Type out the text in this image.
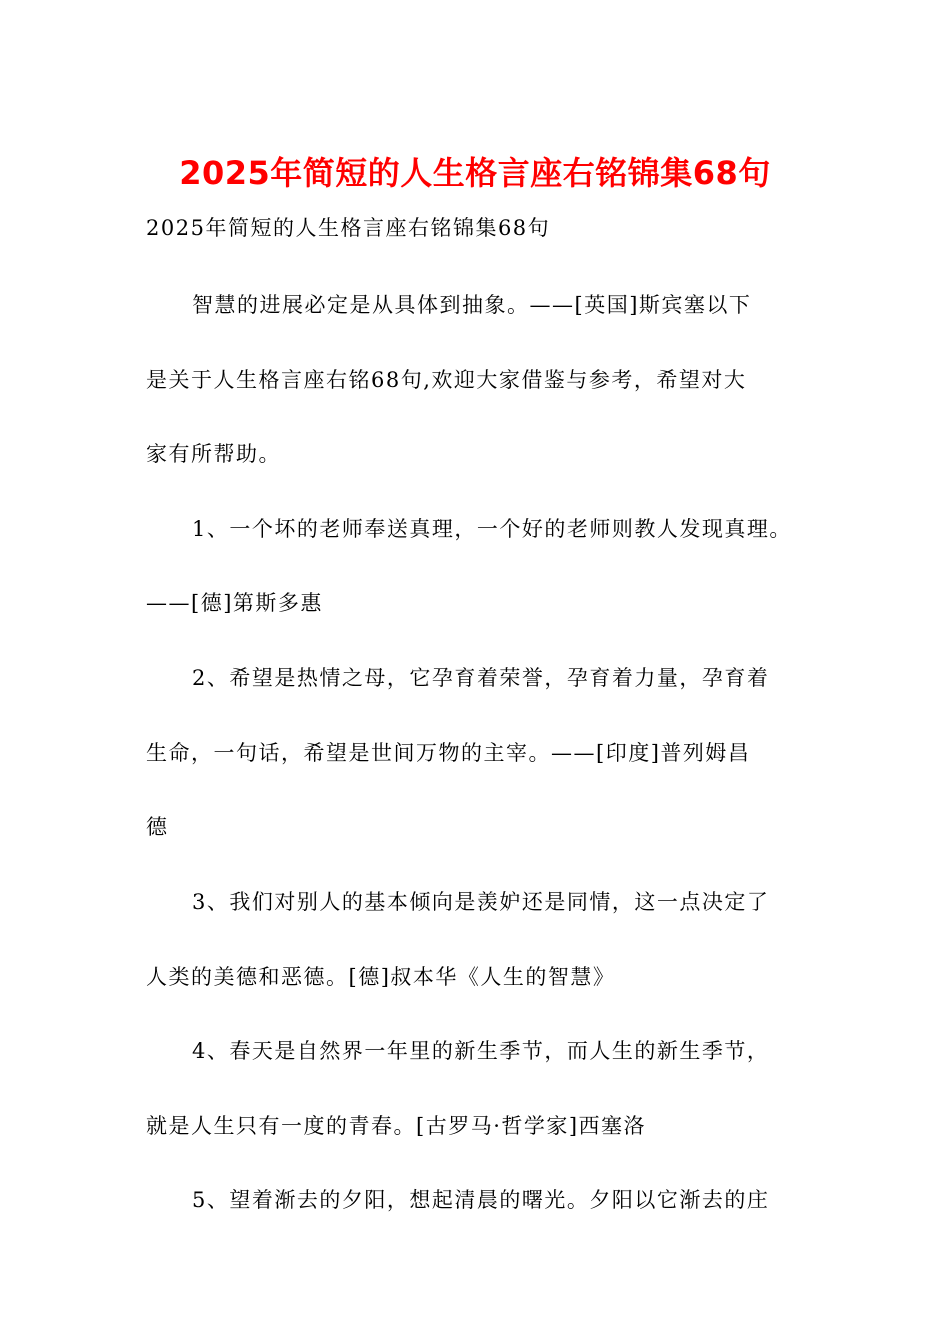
2025年简短的人生格言座右铭锦集68句
2025年简短的人生格言座右铭锦集68句
智慧的进展必定是从具体到抽象。——[英国]斯宾塞以下
是关于人生格言座右铭68句,欢迎大家借鉴与参考，希望对大
家有所帮助。
1、一个坏的老师奉送真理，一个好的老师则教人发现真理。
——[德]第斯多惠
2、希望是热情之母，它孕育着荣誉，孕育着力量，孕育着
生命，一句话，希望是世间万物的主宰。——[印度]普列姆昌
德
3、我们对别人的基本倾向是羡妒还是同情，这一点决定了
人类的美德和恶德。[德]叔本华《人生的智慧》
4、春天是自然界一年里的新生季节，而人生的新生季节，
就是人生只有一度的青春。[古罗马·哲学家]西塞洛
5、望着渐去的夕阳，想起清晨的曙光。夕阳以它渐去的庄
